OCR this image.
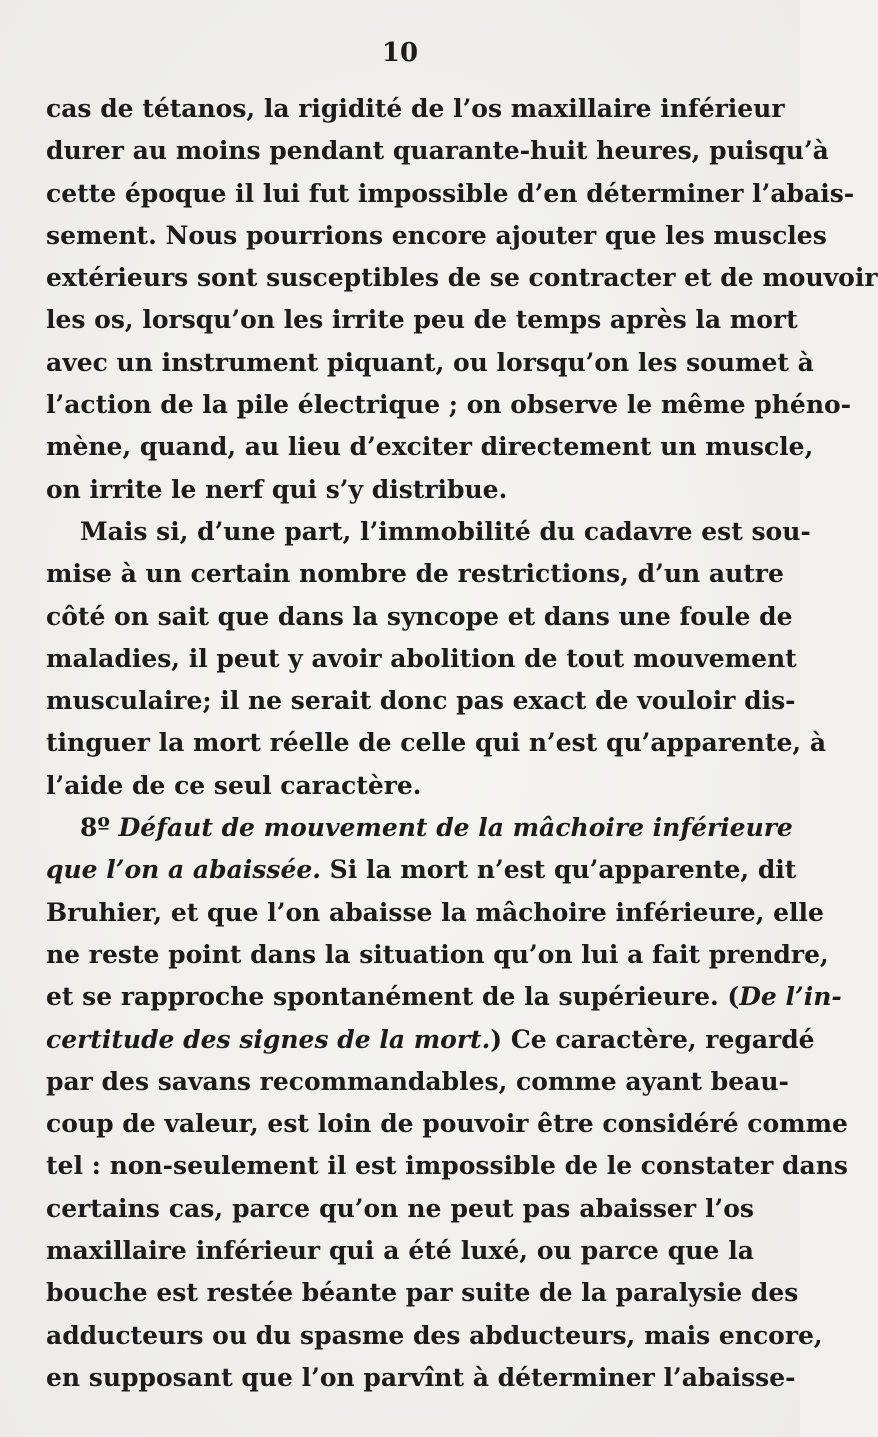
10
cas de tétanos, la rigidité de l’os maxillaire inférieur
durer au moins pendant quarante-huit heures, puisqu’à
cette époque il lui fut impossible d’en déterminer l’abais-
sement. Nous pourrions encore ajouter que les muscles
extérieurs sont susceptibles de se contracter et de mouvoir
les os, lorsqu’on les irrite peu de temps après la mort
avec un instrument piquant, ou lorsqu’on les soumet à
l’action de la pile électrique ; on observe le même phéno-
mène, quand, au lieu d’exciter directement un muscle,
on irrite le nerf qui s’y distribue.
Mais si, d’une part, l’immobilité du cadavre est sou-
mise à un certain nombre de restrictions, d’un autre
côté on sait que dans la syncope et dans une foule de
maladies, il peut y avoir abolition de tout mouvement
musculaire; il ne serait donc pas exact de vouloir dis-
tinguer la mort réelle de celle qui n’est qu’apparente, à
l’aide de ce seul caractère.
8º Défaut de mouvement de la mâchoire inférieure
que l’on a abaissée. Si la mort n’est qu’apparente, dit
Bruhier, et que l’on abaisse la mâchoire inférieure, elle
ne reste point dans la situation qu’on lui a fait prendre,
et se rapproche spontanément de la supérieure. (De l’in-
certitude des signes de la mort.) Ce caractère, regardé
par des savans recommandables, comme ayant beau-
coup de valeur, est loin de pouvoir être considéré comme
tel : non-seulement il est impossible de le constater dans
certains cas, parce qu’on ne peut pas abaisser l’os
maxillaire inférieur qui a été luxé, ou parce que la
bouche est restée béante par suite de la paralysie des
adducteurs ou du spasme des abducteurs, mais encore,
en supposant que l’on parvînt à déterminer l’abaisse-
